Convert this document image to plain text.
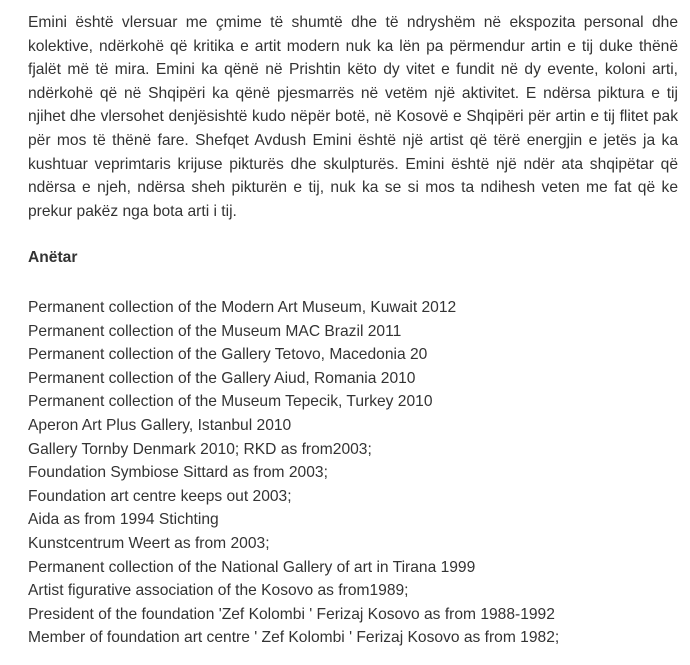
Emini është vlersuar me çmime të shumtë dhe të ndryshëm në ekspozita personal dhe kolektive, ndërkohë që kritika e artit modern nuk ka lën pa përmendur artin e tij duke thënë fjalët më të mira. Emini ka qënë në Prishtin këto dy vitet e fundit në dy evente, koloni arti, ndërkohë që në Shqipëri ka qënë pjesmarrës në vetëm një aktivitet. E ndërsa piktura e tij njihet dhe vlersohet denjësishtë kudo nëpër botë, në Kosovë e Shqipëri për artin e tij flitet pak për mos të thënë fare. Shefqet Avdush Emini është një artist që tërë energjin e jetës ja ka kushtuar veprimtaris krijuse pikturës dhe skulpturës. Emini është një ndër ata shqipëtar që ndërsa e njeh, ndërsa sheh pikturën e tij, nuk ka se si mos ta ndihesh veten me fat që ke prekur pakëz nga bota arti i tij.

Anëtar
Permanent collection of the Modern Art Museum, Kuwait 2012
Permanent collection of the Museum MAC Brazil 2011
Permanent collection of the Gallery Tetovo, Macedonia 20
Permanent collection of the Gallery Aiud, Romania 2010
Permanent collection of the Museum Tepecik, Turkey 2010
Aperon Art Plus Gallery, Istanbul 2010
Gallery Tornby Denmark 2010; RKD as from2003;
Foundation Symbiose Sittard as from 2003;
Foundation art centre keeps out 2003;
Aida as from 1994 Stichting
Kunstcentrum Weert as from 2003;
Permanent collection of the National Gallery of art in Tirana 1999
Artist figurative association of the Kosovo as from1989;
President of the foundation 'Zef Kolombi ' Ferizaj Kosovo as from 1988-1992
Member of foundation art centre ' Zef Kolombi ' Ferizaj Kosovo as from 1982;
